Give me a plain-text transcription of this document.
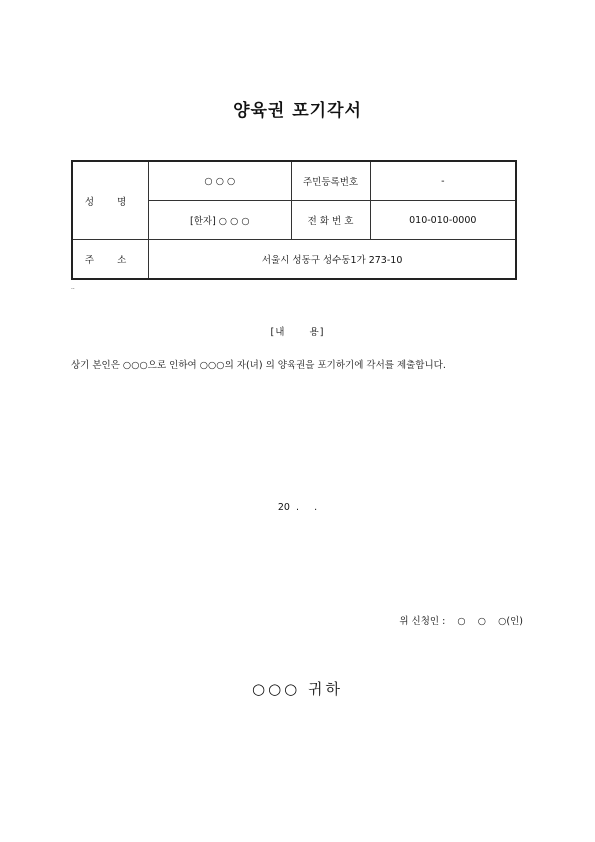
양육권 포기각서
성 명	○ ○ ○	주민등록번호	-
	[한자] ○ ○ ○	전 화 번 호	010-010-0000
주 소	서울시 성동구 성수동1가 273-10		
..
[내      용]
상기 본인은 ○○○으로 인하여 ○○○의 자(녀) 의 양육권을 포기하기에 각서를 제출합니다.
20  .     .
위 신청인 :    ○    ○    ○(인)
○○○ 귀하
